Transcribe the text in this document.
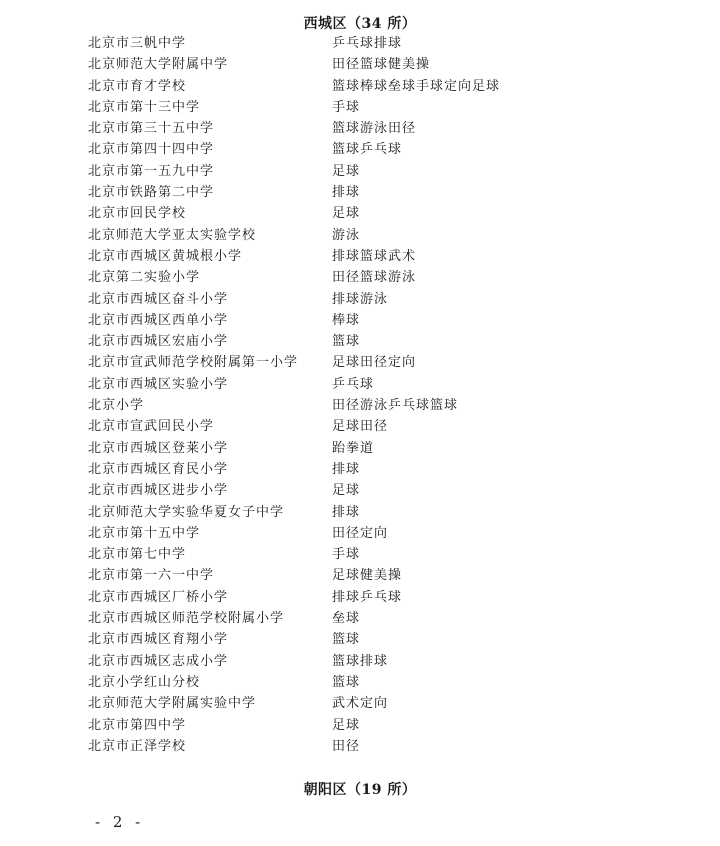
西城区（34 所）
北京市三帆中学	乒乓球排球
北京师范大学附属中学	田径篮球健美操
北京市育才学校	篮球棒球垒球手球定向足球
北京市第十三中学	手球
北京市第三十五中学	篮球游泳田径
北京市第四十四中学	篮球乒乓球
北京市第一五九中学	足球
北京市铁路第二中学	排球
北京市回民学校	足球
北京师范大学亚太实验学校	游泳
北京市西城区黄城根小学	排球篮球武术
北京第二实验小学	田径篮球游泳
北京市西城区奋斗小学	排球游泳
北京市西城区西单小学	棒球
北京市西城区宏庙小学	篮球
北京市宣武师范学校附属第一小学	足球田径定向
北京市西城区实验小学	乒乓球
北京小学	田径游泳乒乓球篮球
北京市宣武回民小学	足球田径
北京市西城区登莱小学	跆拳道
北京市西城区育民小学	排球
北京市西城区进步小学	足球
北京师范大学实验华夏女子中学	排球
北京市第十五中学	田径定向
北京市第七中学	手球
北京市第一六一中学	足球健美操
北京市西城区厂桥小学	排球乒乓球
北京市西城区师范学校附属小学	垒球
北京市西城区育翔小学	篮球
北京市西城区志成小学	篮球排球
北京小学红山分校	篮球
北京师范大学附属实验中学	武术定向
北京市第四中学	足球
北京市正泽学校	田径
朝阳区（19 所）
- 2 -
